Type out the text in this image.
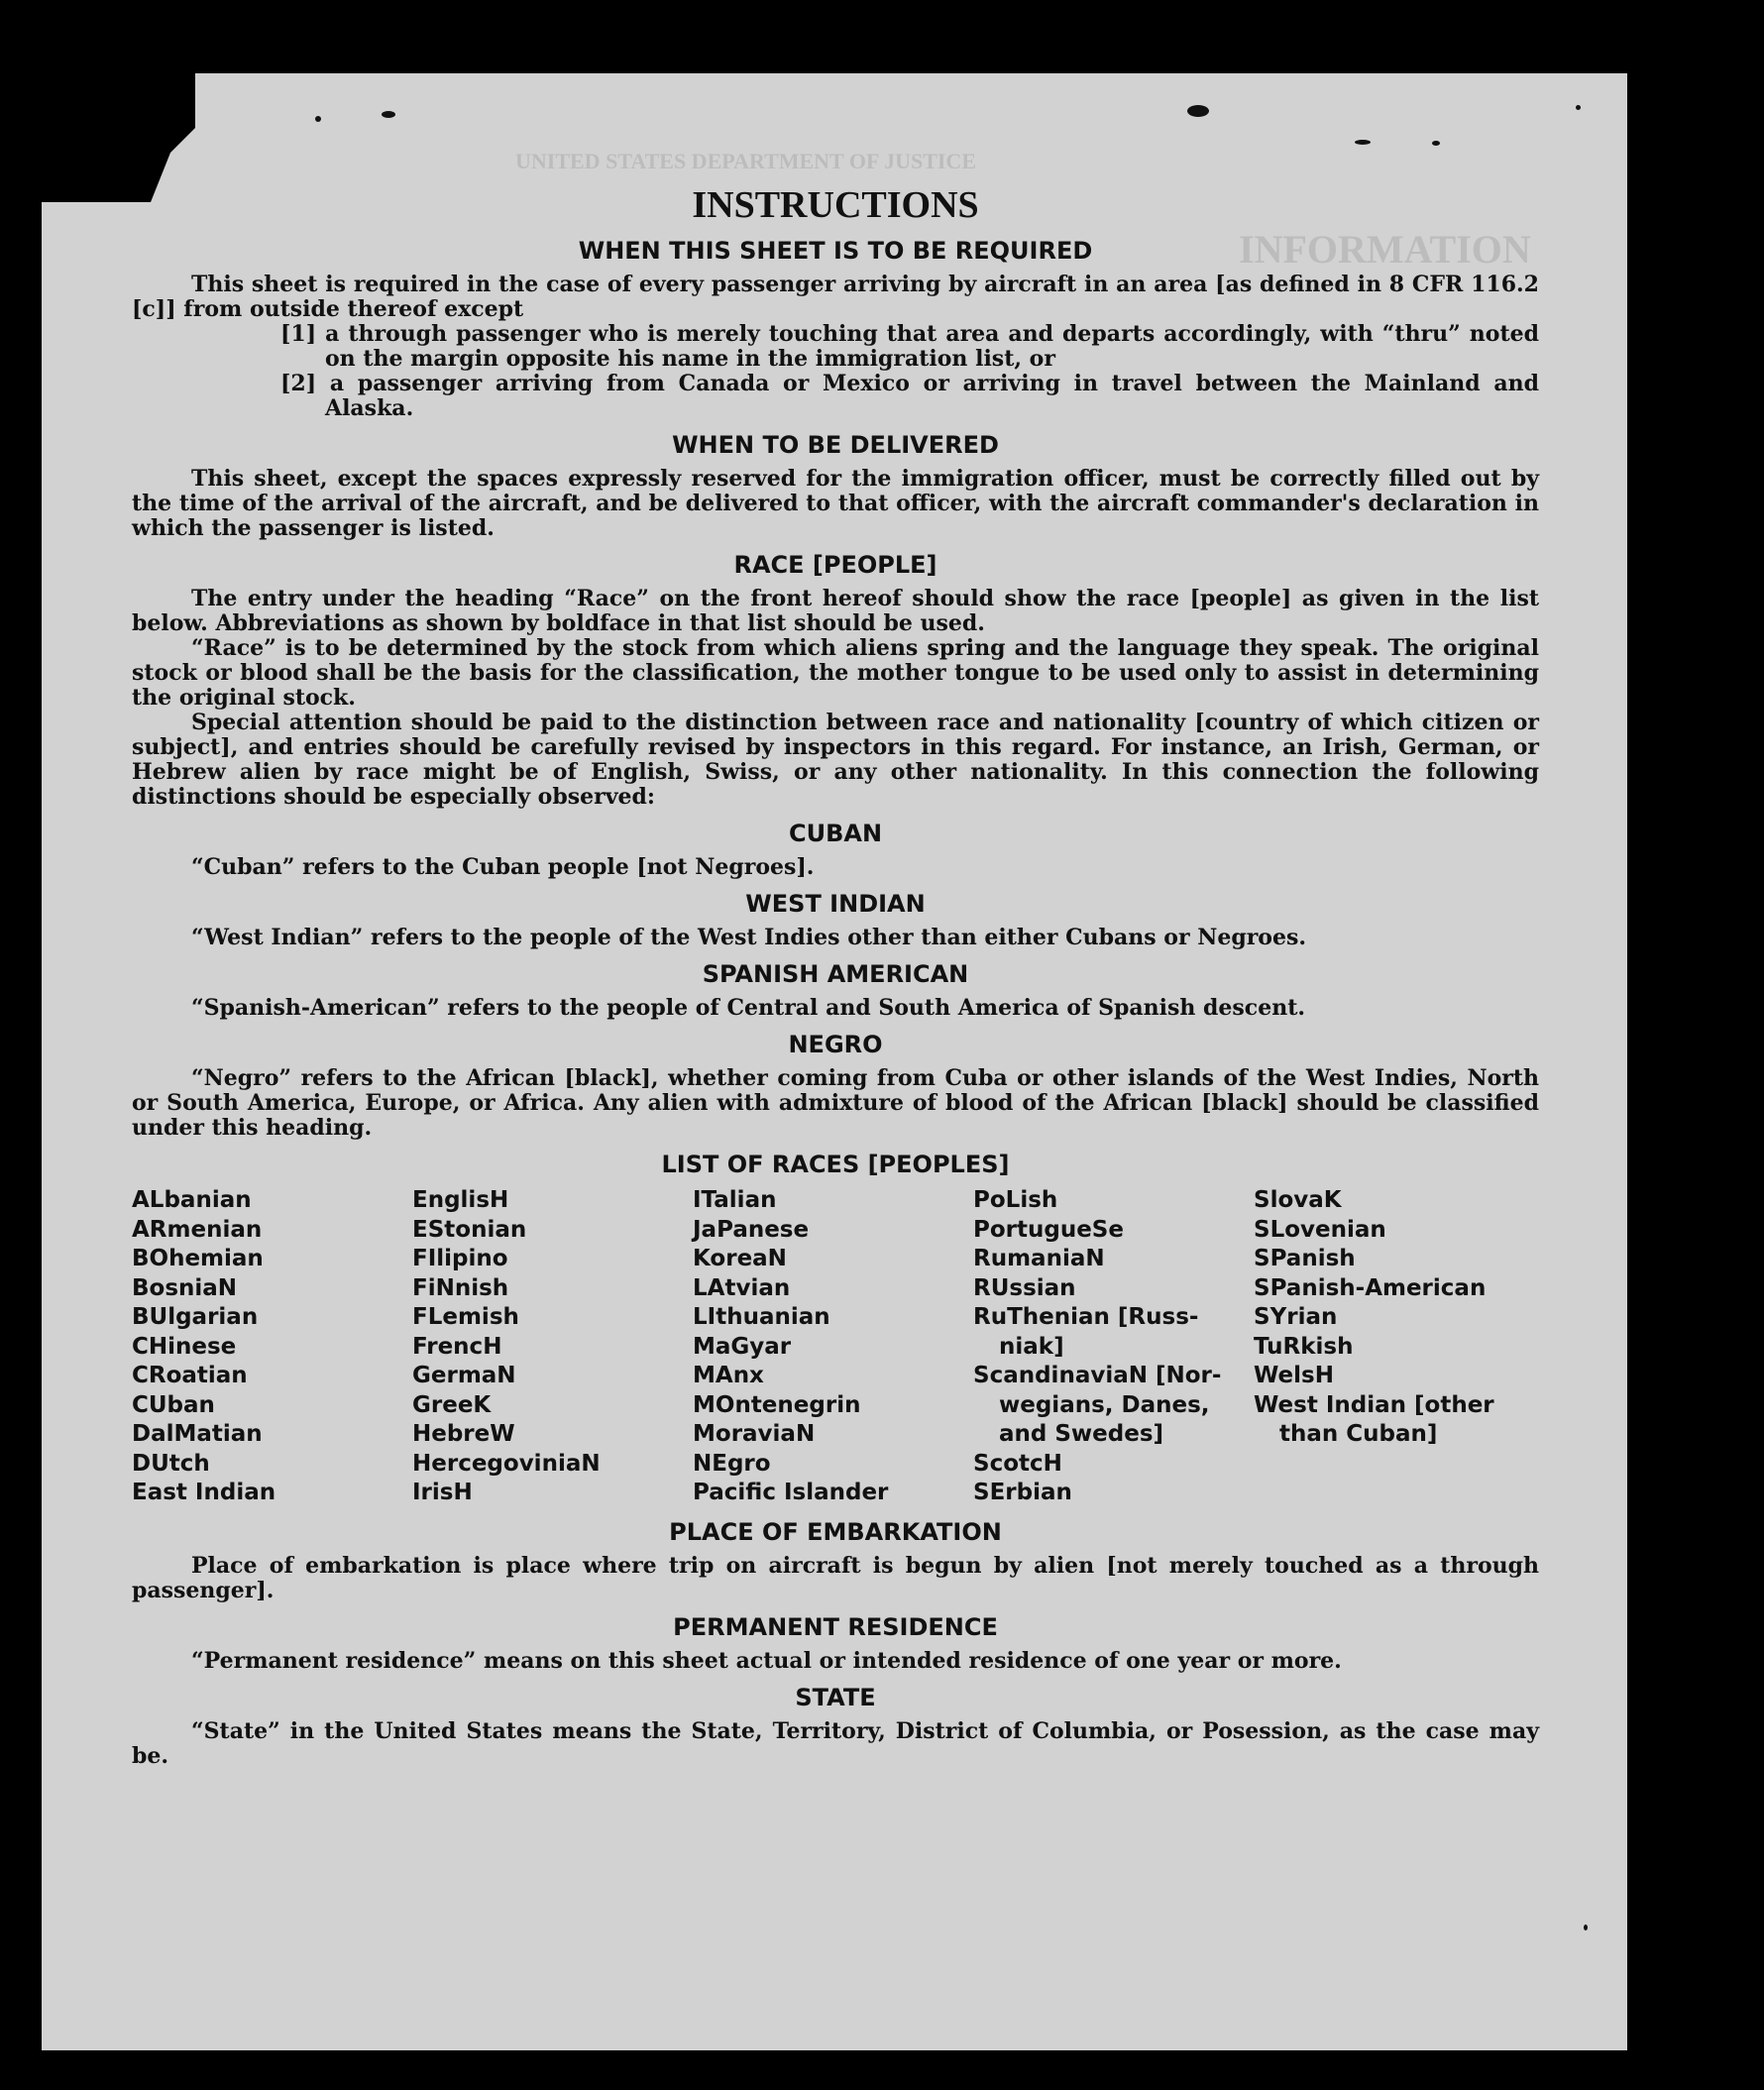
UNITED STATES DEPARTMENT OF JUSTICE
INFORMATION
INSTRUCTIONS
WHEN THIS SHEET IS TO BE REQUIRED

This sheet is required in the case of every passenger arriving by aircraft in an area [as defined in 8 CFR 116.2 [c]] from outside thereof except

[1] a through passenger who is merely touching that area and departs accordingly, with “thru” noted on the margin opposite his name in the immigration list, or

[2] a passenger arriving from Canada or Mexico or arriving in travel between the Mainland and Alaska.

WHEN TO BE DELIVERED

This sheet, except the spaces expressly reserved for the immigration officer, must be correctly filled out by the time of the arrival of the aircraft, and be delivered to that officer, with the aircraft commander's declaration in which the passenger is listed.

RACE [PEOPLE]

The entry under the heading “Race” on the front hereof should show the race [people] as given in the list below. Abbreviations as shown by boldface in that list should be used.

“Race” is to be determined by the stock from which aliens spring and the language they speak. The original stock or blood shall be the basis for the classification, the mother tongue to be used only to assist in determining the original stock.

Special attention should be paid to the distinction between race and nationality [country of which citizen or subject], and entries should be carefully revised by inspectors in this regard. For instance, an Irish, German, or Hebrew alien by race might be of English, Swiss, or any other nationality. In this connection the following distinctions should be especially observed:

CUBAN

“Cuban” refers to the Cuban people [not Negroes].

WEST INDIAN

“West Indian” refers to the people of the West Indies other than either Cubans or Negroes.

SPANISH AMERICAN

“Spanish-American” refers to the people of Central and South America of Spanish descent.

NEGRO

“Negro” refers to the African [black], whether coming from Cuba or other islands of the West Indies, North or South America, Europe, or Africa. Any alien with admixture of blood of the African [black] should be classified under this heading.

LIST OF RACES [PEOPLES]
ALbanian
ARmenian
BOhemian
BosniaN
BUlgarian
CHinese
CRoatian
CUban
DalMatian
DUtch
East Indian
EnglisH
EStonian
FIlipino
FiNnish
FLemish
FrencH
GermaN
GreeK
HebreW
HercegoviniaN
IrisH
ITalian
JaPanese
KoreaN
LAtvian
LIthuanian
MaGyar
MAnx
MOntenegrin
MoraviaN
NEgro
Pacific Islander
PoLish
PortugueSe
RumaniaN
RUssian
RuThenian [Russ-
niak]
ScandinaviaN [Nor-
wegians, Danes,
and Swedes]
ScotcH
SErbian
SlovaK
SLovenian
SPanish
SPanish-American
SYrian
TuRkish
WelsH
West Indian [other
than Cuban]
PLACE OF EMBARKATION

Place of embarkation is place where trip on aircraft is begun by alien [not merely touched as a through passenger].

PERMANENT RESIDENCE

“Permanent residence” means on this sheet actual or intended residence of one year or more.

STATE

“State” in the United States means the State, Territory, District of Columbia, or Posession, as the case may be.
